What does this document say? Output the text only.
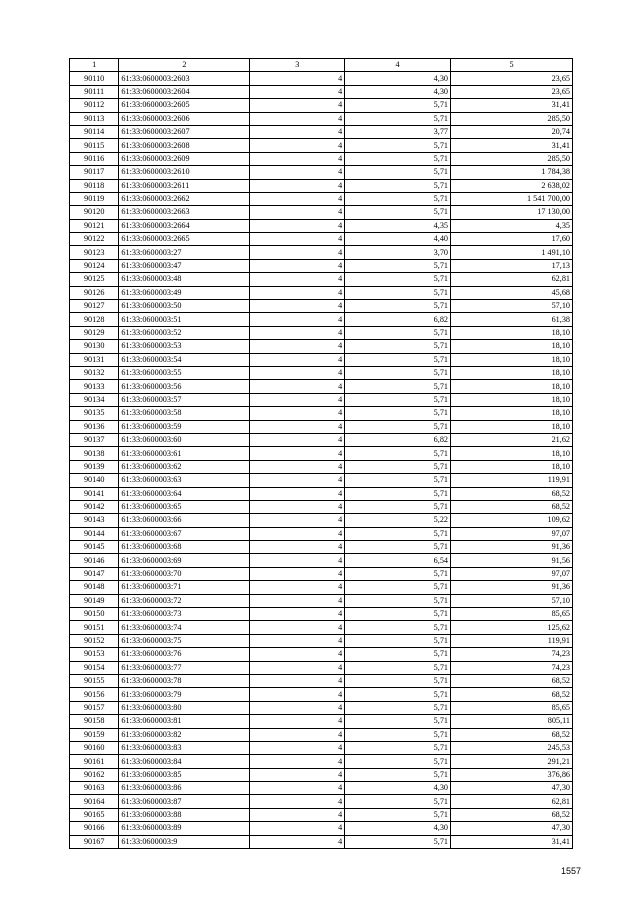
1	2	3	4	5
90110	61:33:0600003:2603	4	4,30	23,65
90111	61:33:0600003:2604	4	4,30	23,65
90112	61:33:0600003:2605	4	5,71	31,41
90113	61:33:0600003:2606	4	5,71	285,50
90114	61:33:0600003:2607	4	3,77	20,74
90115	61:33:0600003:2608	4	5,71	31,41
90116	61:33:0600003:2609	4	5,71	285,50
90117	61:33:0600003:2610	4	5,71	1 784,38
90118	61:33:0600003:2611	4	5,71	2 638,02
90119	61:33:0600003:2662	4	5,71	1 541 700,00
90120	61:33:0600003:2663	4	5,71	17 130,00
90121	61:33:0600003:2664	4	4,35	4,35
90122	61:33:0600003:2665	4	4,40	17,60
90123	61:33:0600003:27	4	3,70	1 491,10
90124	61:33:0600003:47	4	5,71	17,13
90125	61:33:0600003:48	4	5,71	62,81
90126	61:33:0600003:49	4	5,71	45,68
90127	61:33:0600003:50	4	5,71	57,10
90128	61:33:0600003:51	4	6,82	61,38
90129	61:33:0600003:52	4	5,71	18,10
90130	61:33:0600003:53	4	5,71	18,10
90131	61:33:0600003:54	4	5,71	18,10
90132	61:33:0600003:55	4	5,71	18,10
90133	61:33:0600003:56	4	5,71	18,10
90134	61:33:0600003:57	4	5,71	18,10
90135	61:33:0600003:58	4	5,71	18,10
90136	61:33:0600003:59	4	5,71	18,10
90137	61:33:0600003:60	4	6,82	21,62
90138	61:33:0600003:61	4	5,71	18,10
90139	61:33:0600003:62	4	5,71	18,10
90140	61:33:0600003:63	4	5,71	119,91
90141	61:33:0600003:64	4	5,71	68,52
90142	61:33:0600003:65	4	5,71	68,52
90143	61:33:0600003:66	4	5,22	109,62
90144	61:33:0600003:67	4	5,71	97,07
90145	61:33:0600003:68	4	5,71	91,36
90146	61:33:0600003:69	4	6,54	91,56
90147	61:33:0600003:70	4	5,71	97,07
90148	61:33:0600003:71	4	5,71	91,36
90149	61:33:0600003:72	4	5,71	57,10
90150	61:33:0600003:73	4	5,71	85,65
90151	61:33:0600003:74	4	5,71	125,62
90152	61:33:0600003:75	4	5,71	119,91
90153	61:33:0600003:76	4	5,71	74,23
90154	61:33:0600003:77	4	5,71	74,23
90155	61:33:0600003:78	4	5,71	68,52
90156	61:33:0600003:79	4	5,71	68,52
90157	61:33:0600003:80	4	5,71	85,65
90158	61:33:0600003:81	4	5,71	805,11
90159	61:33:0600003:82	4	5,71	68,52
90160	61:33:0600003:83	4	5,71	245,53
90161	61:33:0600003:84	4	5,71	291,21
90162	61:33:0600003:85	4	5,71	376,86
90163	61:33:0600003:86	4	4,30	47,30
90164	61:33:0600003:87	4	5,71	62,81
90165	61:33:0600003:88	4	5,71	68,52
90166	61:33:0600003:89	4	4,30	47,30
90167	61:33:0600003:9	4	5,71	31,41
1557
